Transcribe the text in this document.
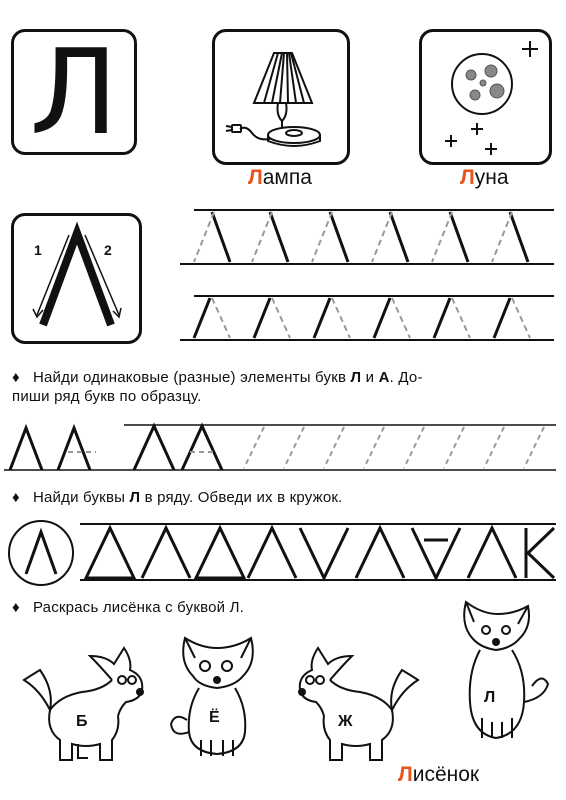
Л
Лампа	Луна
1	2
♦ Найди одинаковые (разные) элементы букв Л и А. До-
пиши ряд букв по образцу.
♦ Найди буквы Л в ряду. Обведи их в кружок.
♦ Раскрась лисёнка с буквой Л.
Б	Ё	Ж
Л
Лисёнок
